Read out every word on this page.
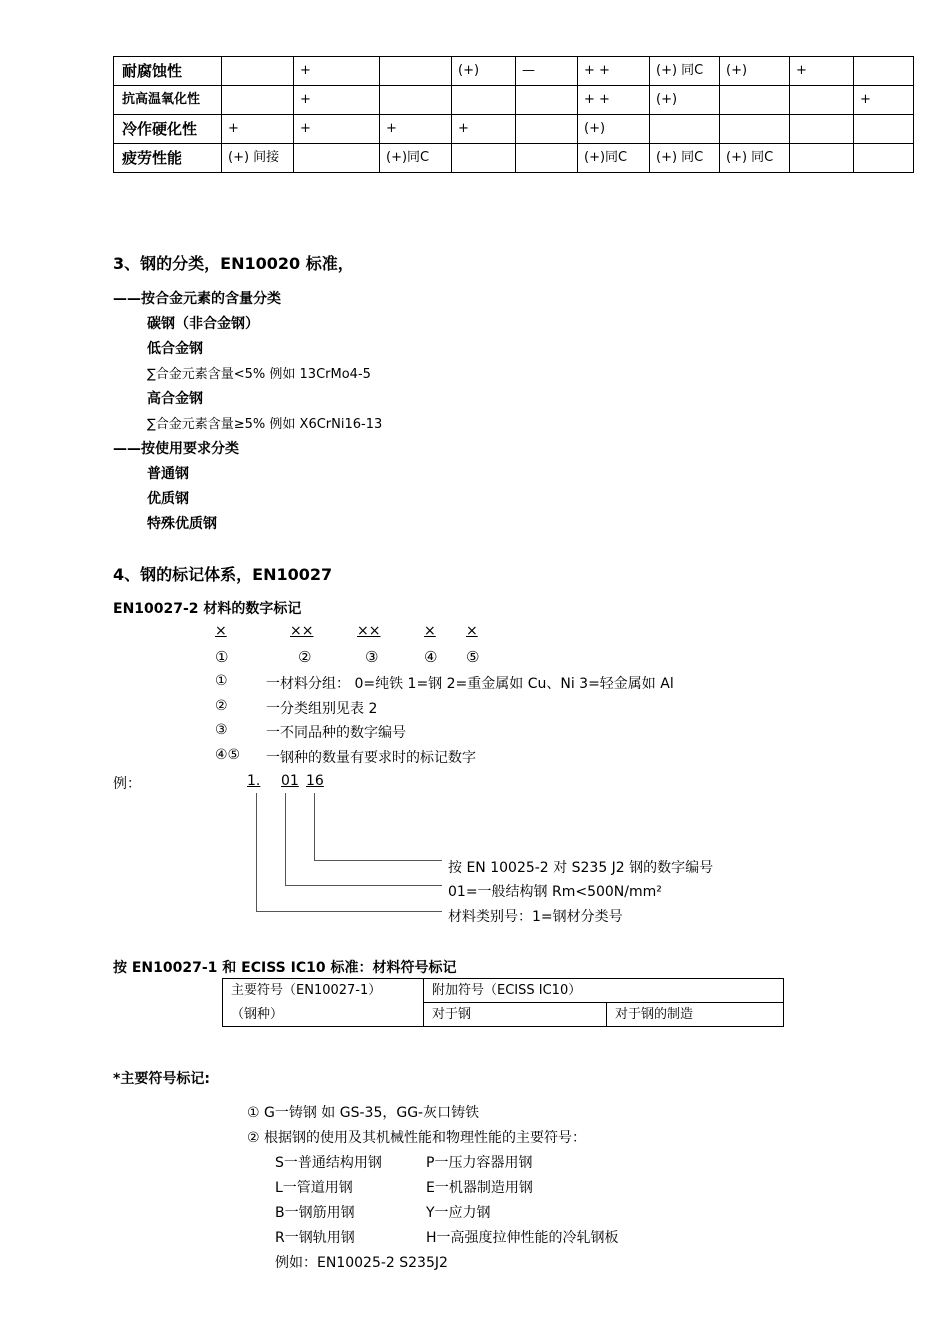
耐腐蚀性		+		(+)	—	+ +	(+) 同C	(+)	+	
抗高温氧化性		+				+ +	(+)			+
冷作硬化性	+	+	+	+		(+)				
疲劳性能	(+) 间接		(+)同C			(+)同C	(+) 同C	(+) 同C		
3、钢的分类，EN10020 标准，
——按合金元素的含量分类
碳钢（非合金钢）
低合金钢
∑合金元素含量<5% 例如 13CrMo4-5
高合金钢
∑合金元素含量≥5% 例如 X6CrNi16-13
——按使用要求分类
普通钢
优质钢
特殊优质钢
4、钢的标记体系，EN10027
EN10027-2 材料的数字标记
×	××	××	× ×
①	②	③	④ ⑤
①	一材料分组： 0=纯铁 1=钢 2=重金属如 Cu、Ni 3=轻金属如 Al
②	一分类组别见表 2
③	一不同品种的数字编号
④⑤ 一钢种的数量有要求时的标记数字
例：	1. 01 16
按 EN 10025-2 对 S235 J2 钢的数字编号
01=一般结构钢 Rm<500N/mm²
材料类别号：1=钢材分类号
按 EN10027-1 和 ECISS IC10 标准：材料符号标记
主要符号（EN10027-1）	附加符号（ECISS IC10）	
（钢种）	对于钢	对于钢的制造
*主要符号标记:
① G一铸钢 如 GS-35，GG-灰口铸铁
② 根据钢的使用及其机械性能和物理性能的主要符号：
S一普通结构用钢	P一压力容器用钢
L一管道用钢	E一机器制造用钢
B一钢筋用钢	Y一应力钢
R一钢轨用钢	H一高强度拉伸性能的冷轧钢板
例如：EN10025-2 S235J2
